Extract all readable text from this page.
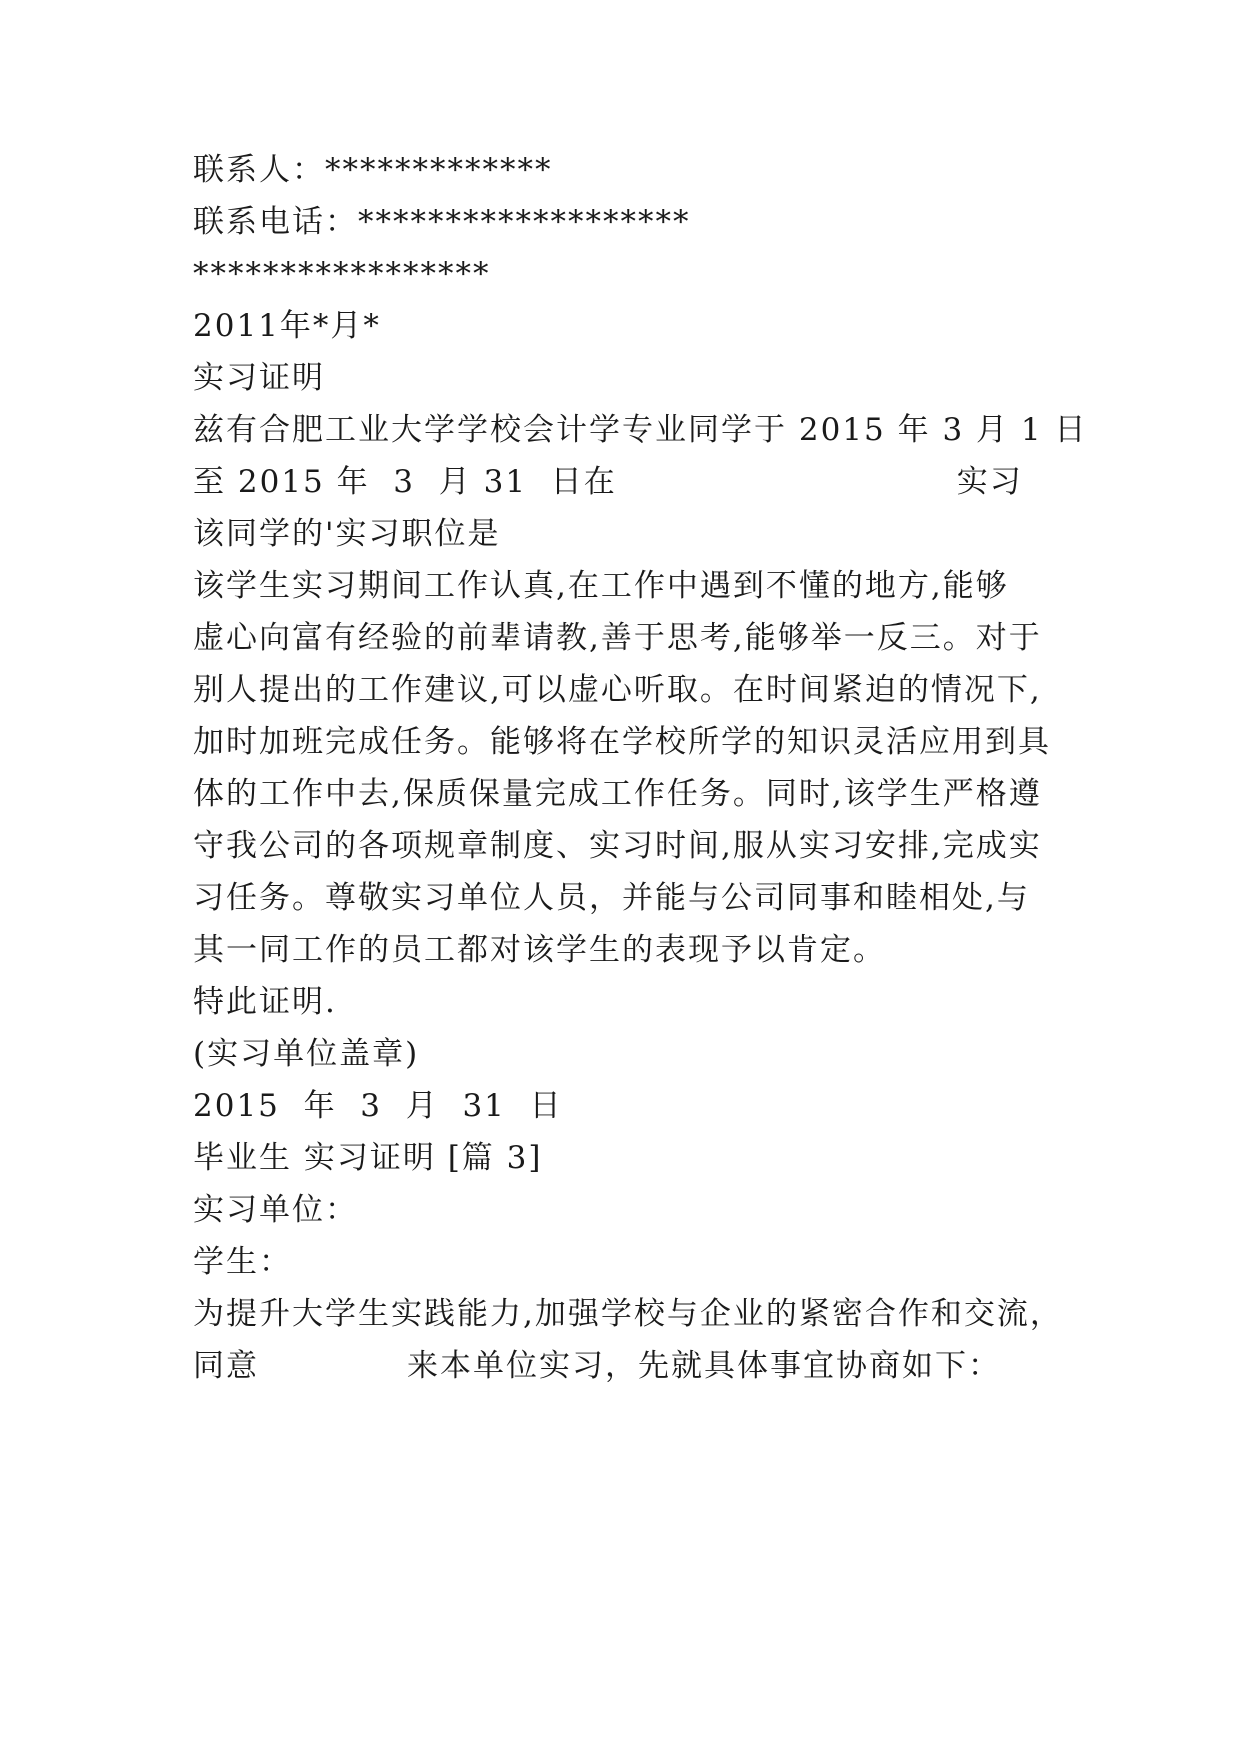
联系人：*************
联系电话：*******************
*****************
2011年*月*
实习证明
兹有合肥工业大学学校会计学专业同学于 2015 年 3 月 1 日
至 2015 年  3  月 31  日在	实习
该同学的'实习职位是
该学生实习期间工作认真,在工作中遇到不懂的地方,能够
虚心向富有经验的前辈请教,善于思考,能够举一反三。对于
别人提出的工作建议,可以虚心听取。在时间紧迫的情况下,
加时加班完成任务。能够将在学校所学的知识灵活应用到具
体的工作中去,保质保量完成工作任务。同时,该学生严格遵
守我公司的各项规章制度、实习时间,服从实习安排,完成实
习任务。尊敬实习单位人员，并能与公司同事和睦相处,与
其一同工作的员工都对该学生的表现予以肯定。
特此证明.
(实习单位盖章)
2015  年  3  月  31  日
毕业生 实习证明 [篇 3]
实习单位：
学生：
为提升大学生实践能力,加强学校与企业的紧密合作和交流，
同意	来本单位实习，先就具体事宜协商如下：
